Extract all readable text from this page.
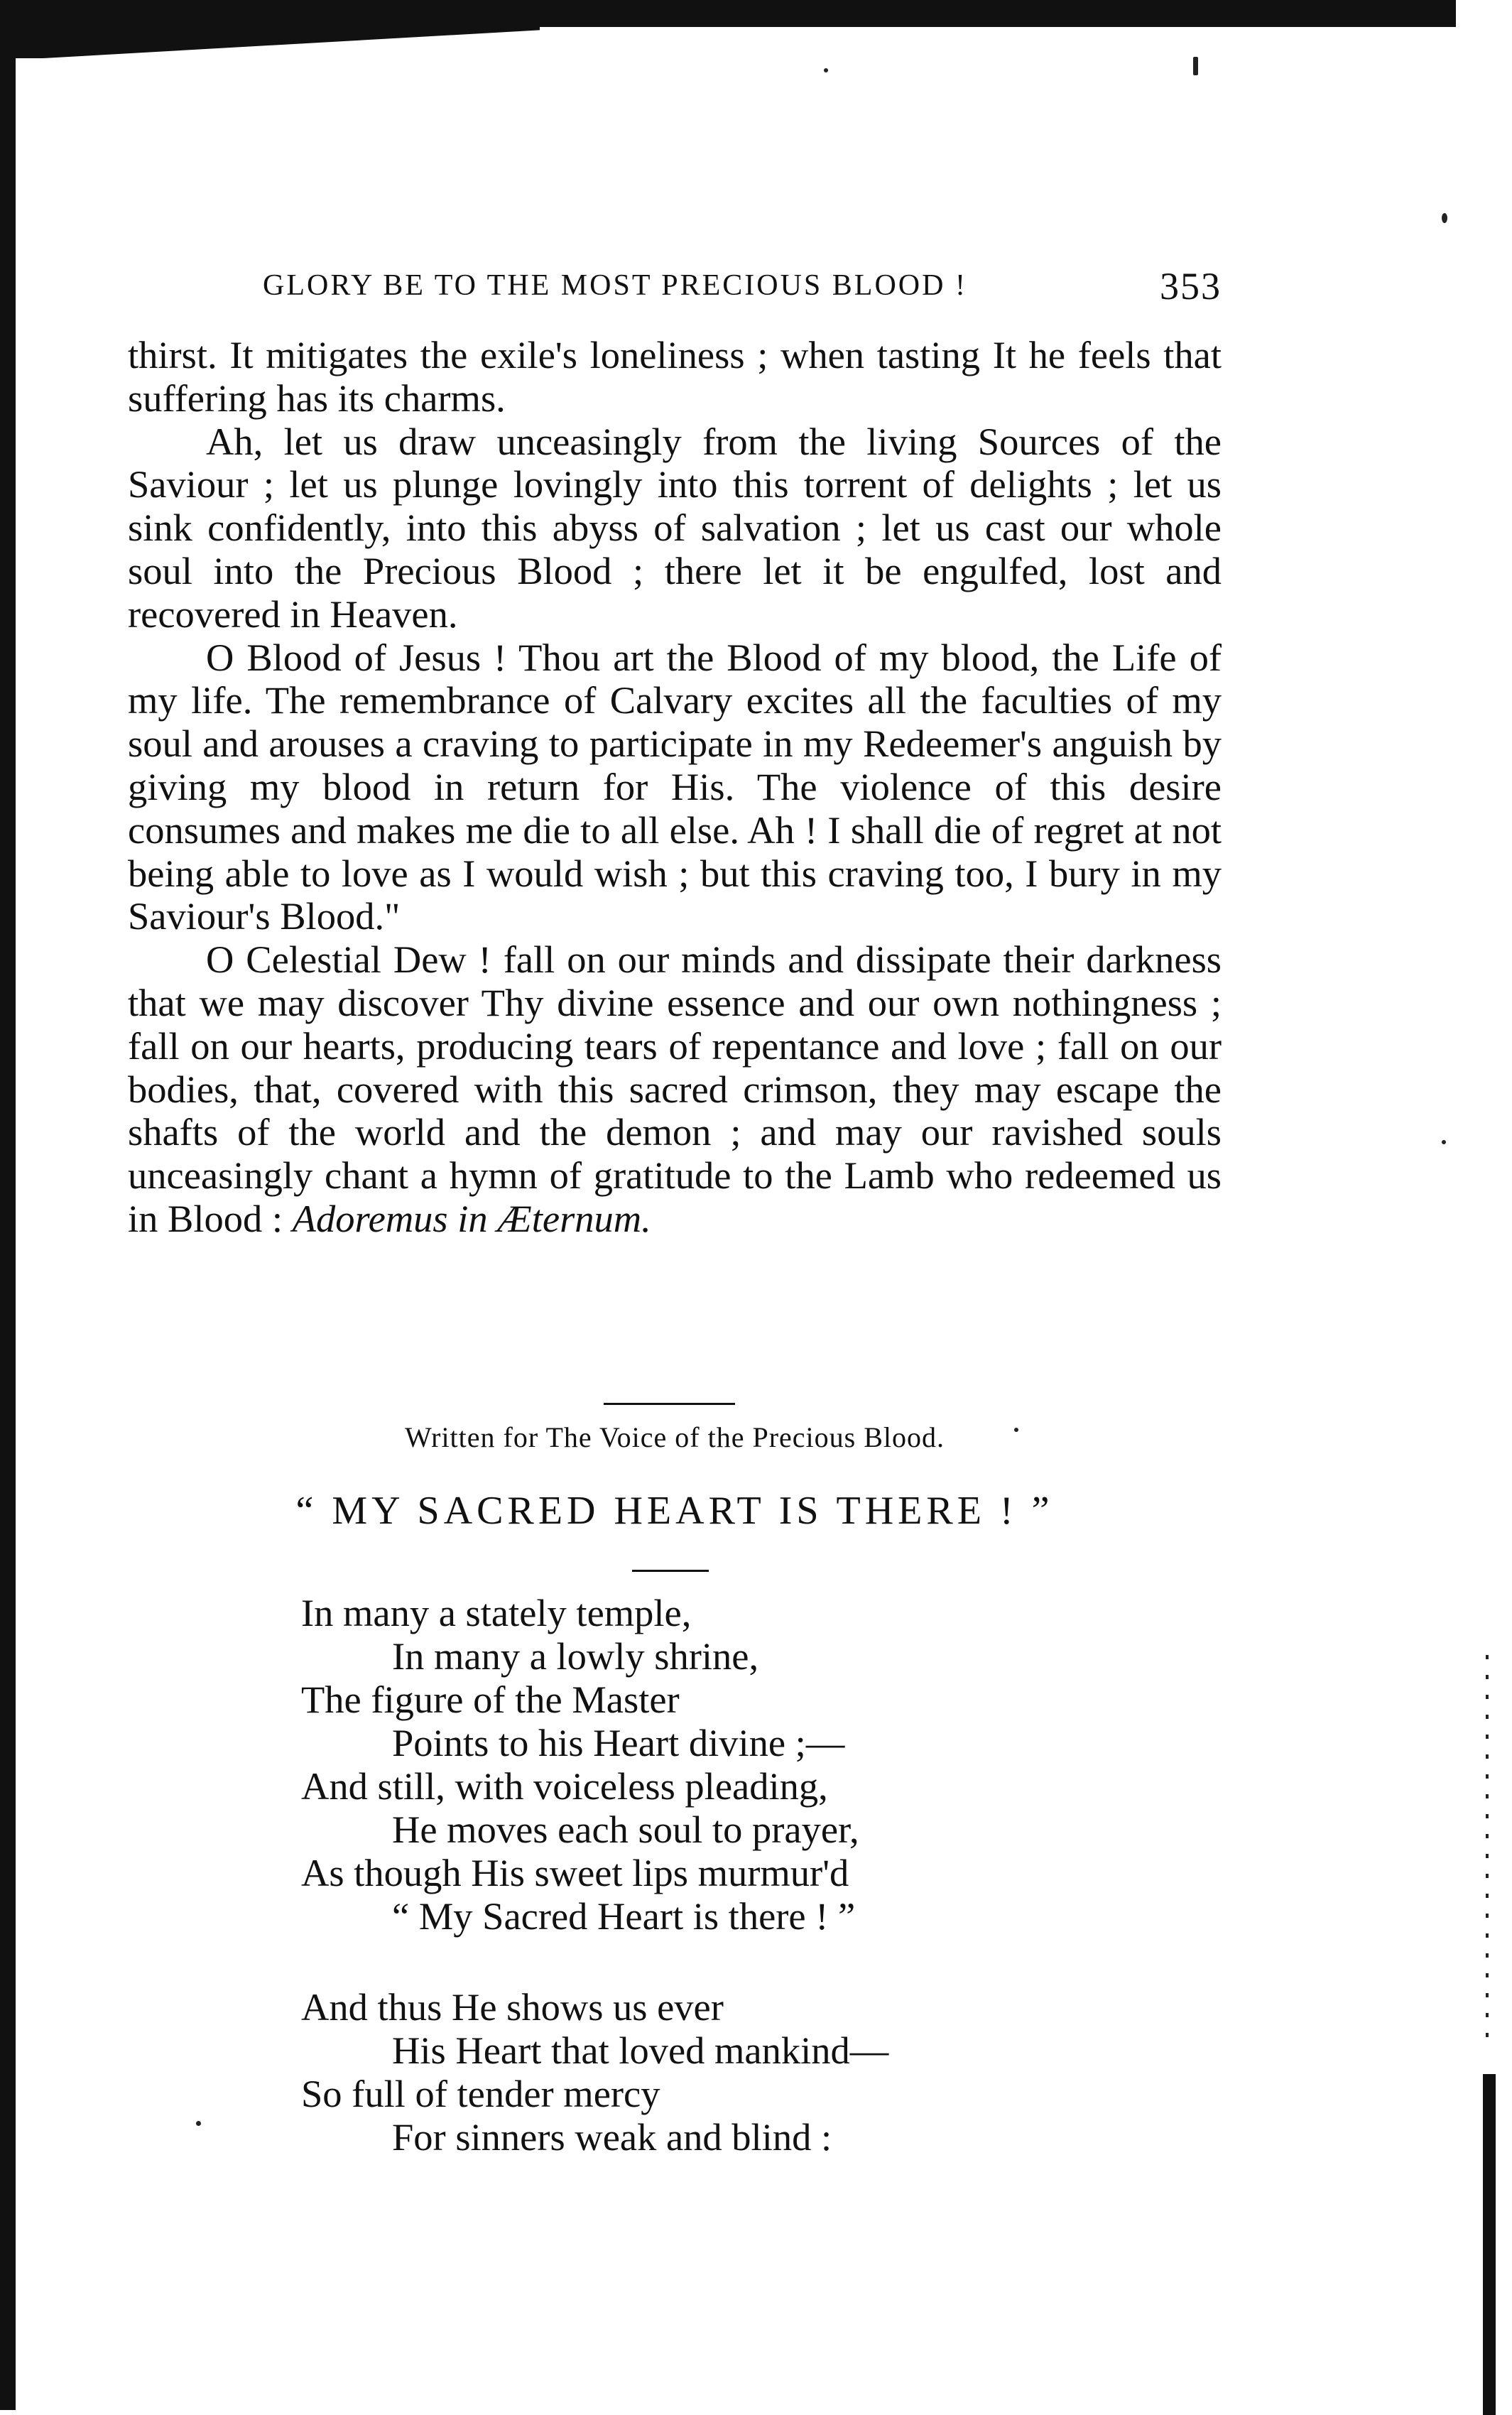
GLORY BE TO THE MOST PRECIOUS BLOOD !	353

thirst. It mitigates the exile's loneliness ; when tasting It he feels that suffering has its charms.

Ah, let us draw unceasingly from the living Sources of the Saviour ; let us plunge lovingly into this torrent of delights ; let us sink confidently, into this abyss of salvation ; let us cast our whole soul into the Precious Blood ; there let it be engulfed, lost and recovered in Heaven.

O Blood of Jesus ! Thou art the Blood of my blood, the Life of my life. The remembrance of Calvary excites all the faculties of my soul and arouses a craving to participate in my Redeemer's anguish by giving my blood in return for His. The violence of this desire consumes and makes me die to all else. Ah ! I shall die of regret at not being able to love as I would wish ; but this craving too, I bury in my Saviour's Blood."

O Celestial Dew ! fall on our minds and dissipate their darkness that we may discover Thy divine essence and our own nothingness ; fall on our hearts, producing tears of repentance and love ; fall on our bodies, that, covered with this sacred crimson, they may escape the shafts of the world and the demon ; and may our ravished souls unceasingly chant a hymn of gratitude to the Lamb who redeemed us in Blood : Adoremus in Æternum.

Written for The Voice of the Precious Blood.
“ MY SACRED HEART IS THERE ! ”
In many a stately temple,
In many a lowly shrine,
The figure of the Master
Points to his Heart divine ;—
And still, with voiceless pleading,
He moves each soul to prayer,
As though His sweet lips murmur'd
“ My Sacred Heart is there ! ”
And thus He shows us ever
His Heart that loved mankind—
So full of tender mercy
For sinners weak and blind :
